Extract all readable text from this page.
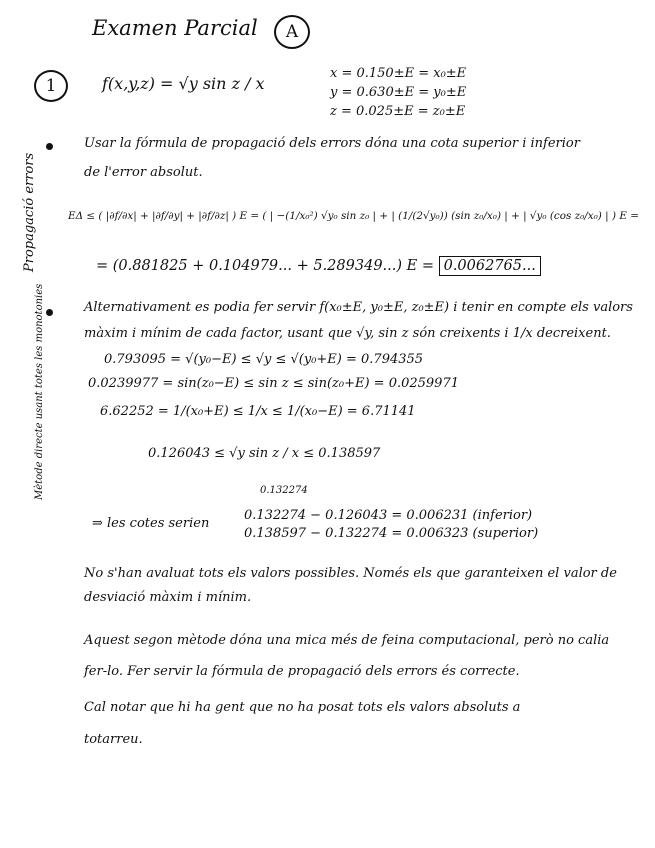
Examen Parcial A
1	f(x,y,z) = √y sin z / x
x = 0.150±E = x₀±E
y = 0.630±E = y₀±E
z = 0.025±E = z₀±E
Propagació errors
Mètode directe usant totes les monotonies
Usar la fórmula de propagació dels errors dóna una cota superior i inferior
de l'error absolut.
EΔ ≤ ( |∂f/∂x| + |∂f/∂y| + |∂f/∂z| ) E = ( | −(1/x₀²) √y₀ sin z₀ | + | (1/(2√y₀)) (sin z₀/x₀) | + | √y₀ (cos z₀/x₀) | ) E =
= (0.881825 + 0.104979... + 5.289349...) E = 0.0062765...
Alternativament es podia fer servir f(x₀±E, y₀±E, z₀±E) i tenir en compte els valors
màxim i mínim de cada factor, usant que √y, sin z són creixents i 1/x decreixent.
0.793095 = √(y₀−E) ≤ √y ≤ √(y₀+E) = 0.794355
0.0239977 = sin(z₀−E) ≤ sin z ≤ sin(z₀+E) = 0.0259971
6.62252 = 1/(x₀+E) ≤ 1/x ≤ 1/(x₀−E) = 6.71141
0.126043 ≤ √y sin z / x ≤ 0.138597
0.132274
⇒ les cotes serien
0.132274 − 0.126043 = 0.006231 (inferior)
0.138597 − 0.132274 = 0.006323 (superior)
No s'han avaluat tots els valors possibles. Només els que garanteixen el valor de
desviació màxim i mínim.
Aquest segon mètode dóna una mica més de feina computacional, però no calia
fer-lo. Fer servir la fórmula de propagació dels errors és correcte.
Cal notar que hi ha gent que no ha posat tots els valors absoluts a
totarreu.
